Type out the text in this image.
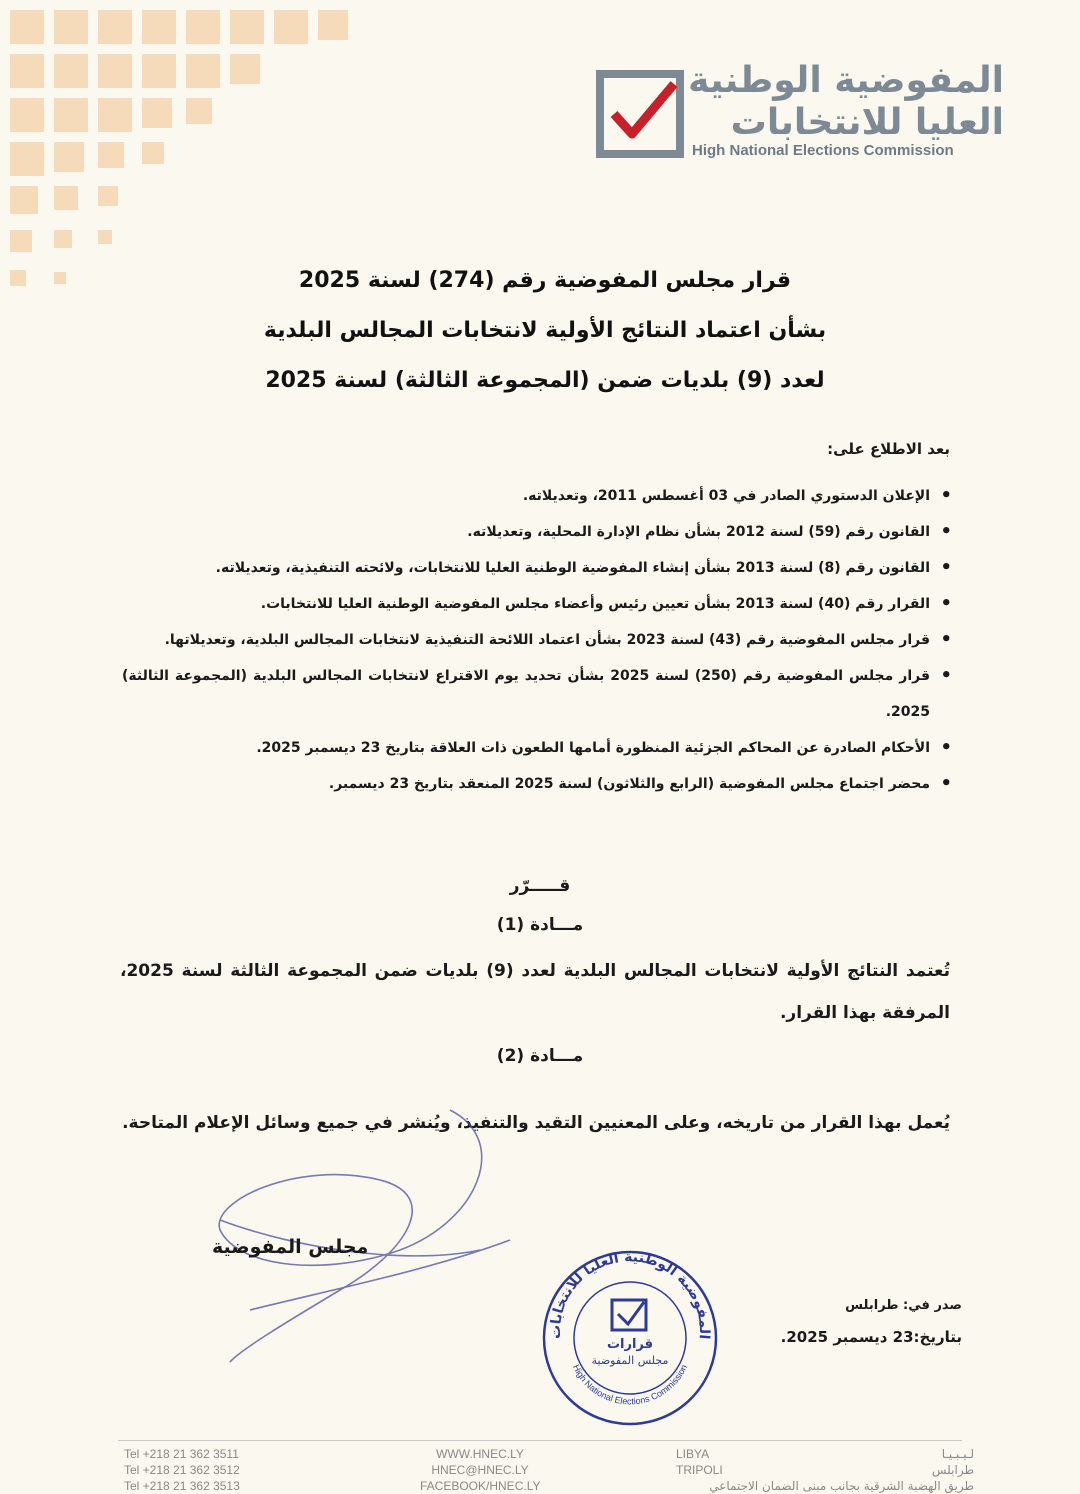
المفوضية الوطنية
العليا للانتخابات
High National Elections Commission
قرار مجلس المفوضية رقم (274) لسنة 2025
بشأن اعتماد النتائج الأولية لانتخابات المجالس البلدية
لعدد (9) بلديات ضمن (المجموعة الثالثة) لسنة 2025
بعد الاطلاع على:
• الإعلان الدستوري الصادر في 03 أغسطس 2011، وتعديلاته.
• القانون رقم (59) لسنة 2012 بشأن نظام الإدارة المحلية، وتعديلاته.
• القانون رقم (8) لسنة 2013 بشأن إنشاء المفوضية الوطنية العليا للانتخابات، ولائحته التنفيذية، وتعديلاته.
• القرار رقم (40) لسنة 2013 بشأن تعيين رئيس وأعضاء مجلس المفوضية الوطنية العليا للانتخابات.
• قرار مجلس المفوضية رقم (43) لسنة 2023 بشأن اعتماد اللائحة التنفيذية لانتخابات المجالس البلدية، وتعديلاتها.
• قرار مجلس المفوضية رقم (250) لسنة 2025 بشأن تحديد يوم الاقتراع لانتخابات المجالس البلدية (المجموعة الثالثة) 2025.
• الأحكام الصادرة عن المحاكم الجزئية المنظورة أمامها الطعون ذات العلاقة بتاريخ 23 ديسمبر 2025.
• محضر اجتماع مجلس المفوضية (الرابع والثلاثون) لسنة 2025 المنعقد بتاريخ 23 ديسمبر.
قـــــرّر
مـــادة (1)
تُعتمد النتائج الأولية لانتخابات المجالس البلدية لعدد (9) بلديات ضمن المجموعة الثالثة لسنة 2025، المرفقة بهذا القرار.
مـــادة (2)
يُعمل بهذا القرار من تاريخه، وعلى المعنيين التقيد والتنفيذ، ويُنشر في جميع وسائل الإعلام المتاحة.
مجلس المفوضية
المفوضية الوطنية العليا للانتخابات
High National Elections Commission
قرارات
مجلس المفوضية
صدر في: طرابلس
بتاريخ:23 ديسمبر 2025.
Tel +218 21 362 3511
Tel +218 21 362 3512
Tel +218 21 362 3513
WWW.HNEC.LY
HNEC@HNEC.LY
FACEBOOK/HNEC.LY
LIBYA
TRIPOLI
لـيـبـيـا
طرابلس
طريق الهضبة الشرقية بجانب مبنى الضمان الاجتماعي
